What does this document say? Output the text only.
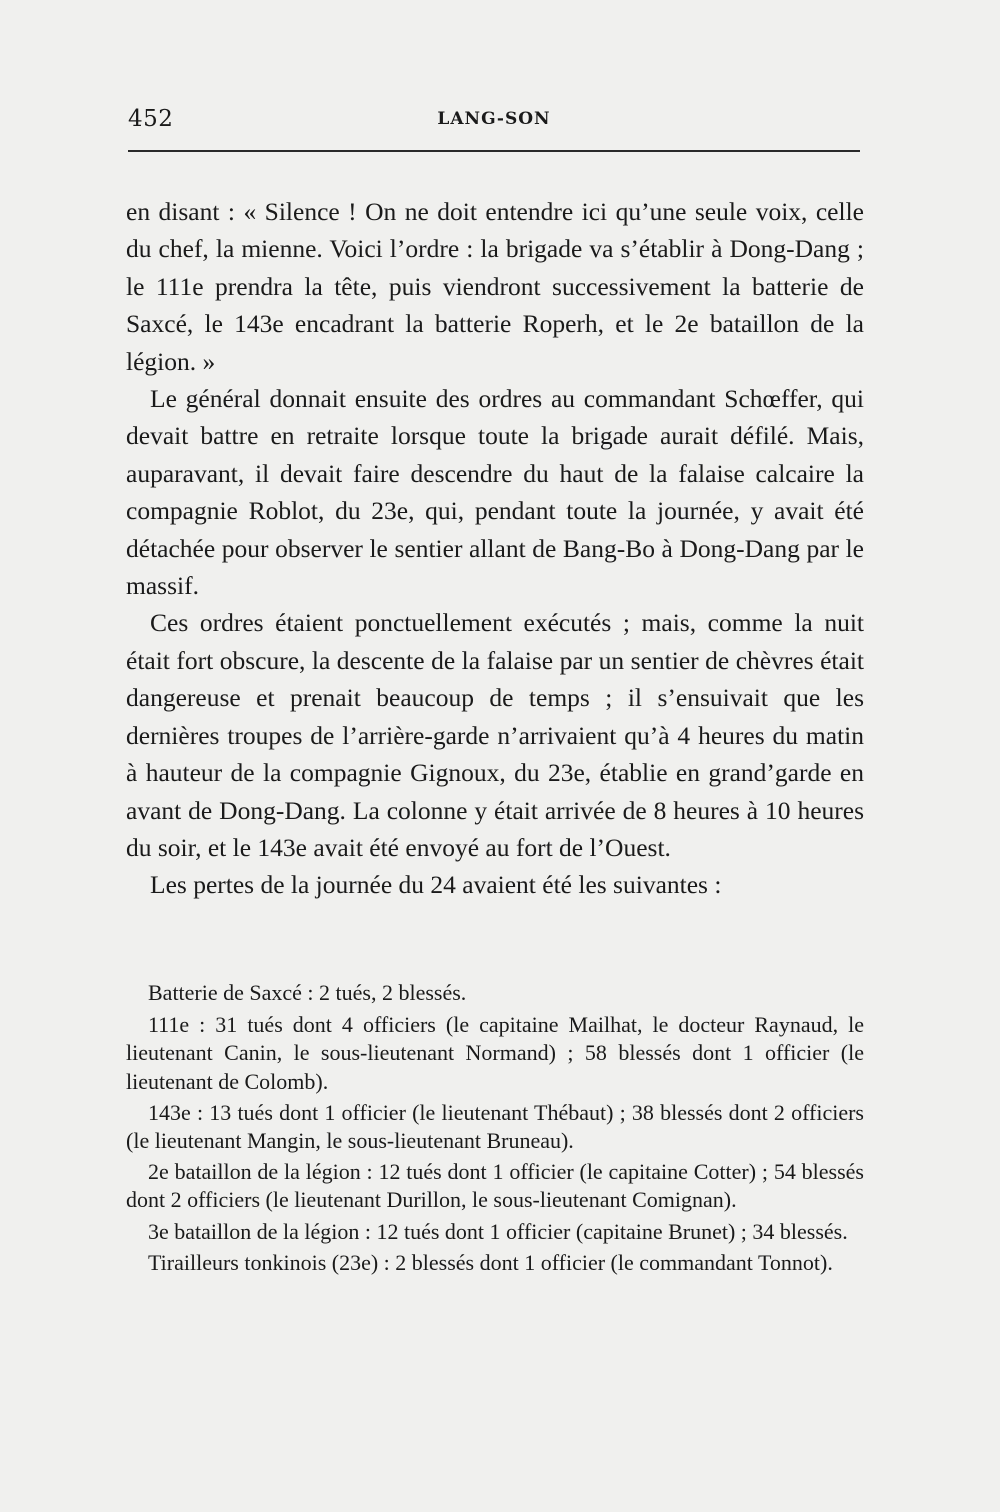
452	LANG-SON

en disant : « Silence ! On ne doit entendre ici qu’une seule voix, celle du chef, la mienne. Voici l’ordre : la brigade va s’établir à Dong-Dang ; le 111e prendra la tête, puis viendront successivement la batterie de Saxcé, le 143e encadrant la batterie Roperh, et le 2e bataillon de la légion. »

Le général donnait ensuite des ordres au commandant Schœffer, qui devait battre en retraite lorsque toute la brigade aurait défilé. Mais, auparavant, il devait faire descendre du haut de la falaise calcaire la compagnie Roblot, du 23e, qui, pendant toute la journée, y avait été détachée pour observer le sentier allant de Bang-Bo à Dong-Dang par le massif.

Ces ordres étaient ponctuellement exécutés ; mais, comme la nuit était fort obscure, la descente de la falaise par un sentier de chèvres était dangereuse et prenait beaucoup de temps ; il s’ensuivait que les dernières troupes de l’arrière-garde n’arrivaient qu’à 4 heures du matin à hauteur de la compagnie Gignoux, du 23e, établie en grand’garde en avant de Dong-Dang. La colonne y était arrivée de 8 heures à 10 heures du soir, et le 143e avait été envoyé au fort de l’Ouest.

Les pertes de la journée du 24 avaient été les suivantes :

Batterie de Saxcé : 2 tués, 2 blessés.

111e : 31 tués dont 4 officiers (le capitaine Mailhat, le docteur Raynaud, le lieutenant Canin, le sous-lieutenant Normand) ; 58 blessés dont 1 officier (le lieutenant de Colomb).

143e : 13 tués dont 1 officier (le lieutenant Thébaut) ; 38 blessés dont 2 officiers (le lieutenant Mangin, le sous-lieutenant Bruneau).

2e bataillon de la légion : 12 tués dont 1 officier (le capitaine Cotter) ; 54 blessés dont 2 officiers (le lieutenant Durillon, le sous-lieutenant Comignan).

3e bataillon de la légion : 12 tués dont 1 officier (capitaine Brunet) ; 34 blessés.

Tirailleurs tonkinois (23e) : 2 blessés dont 1 officier (le commandant Tonnot).
